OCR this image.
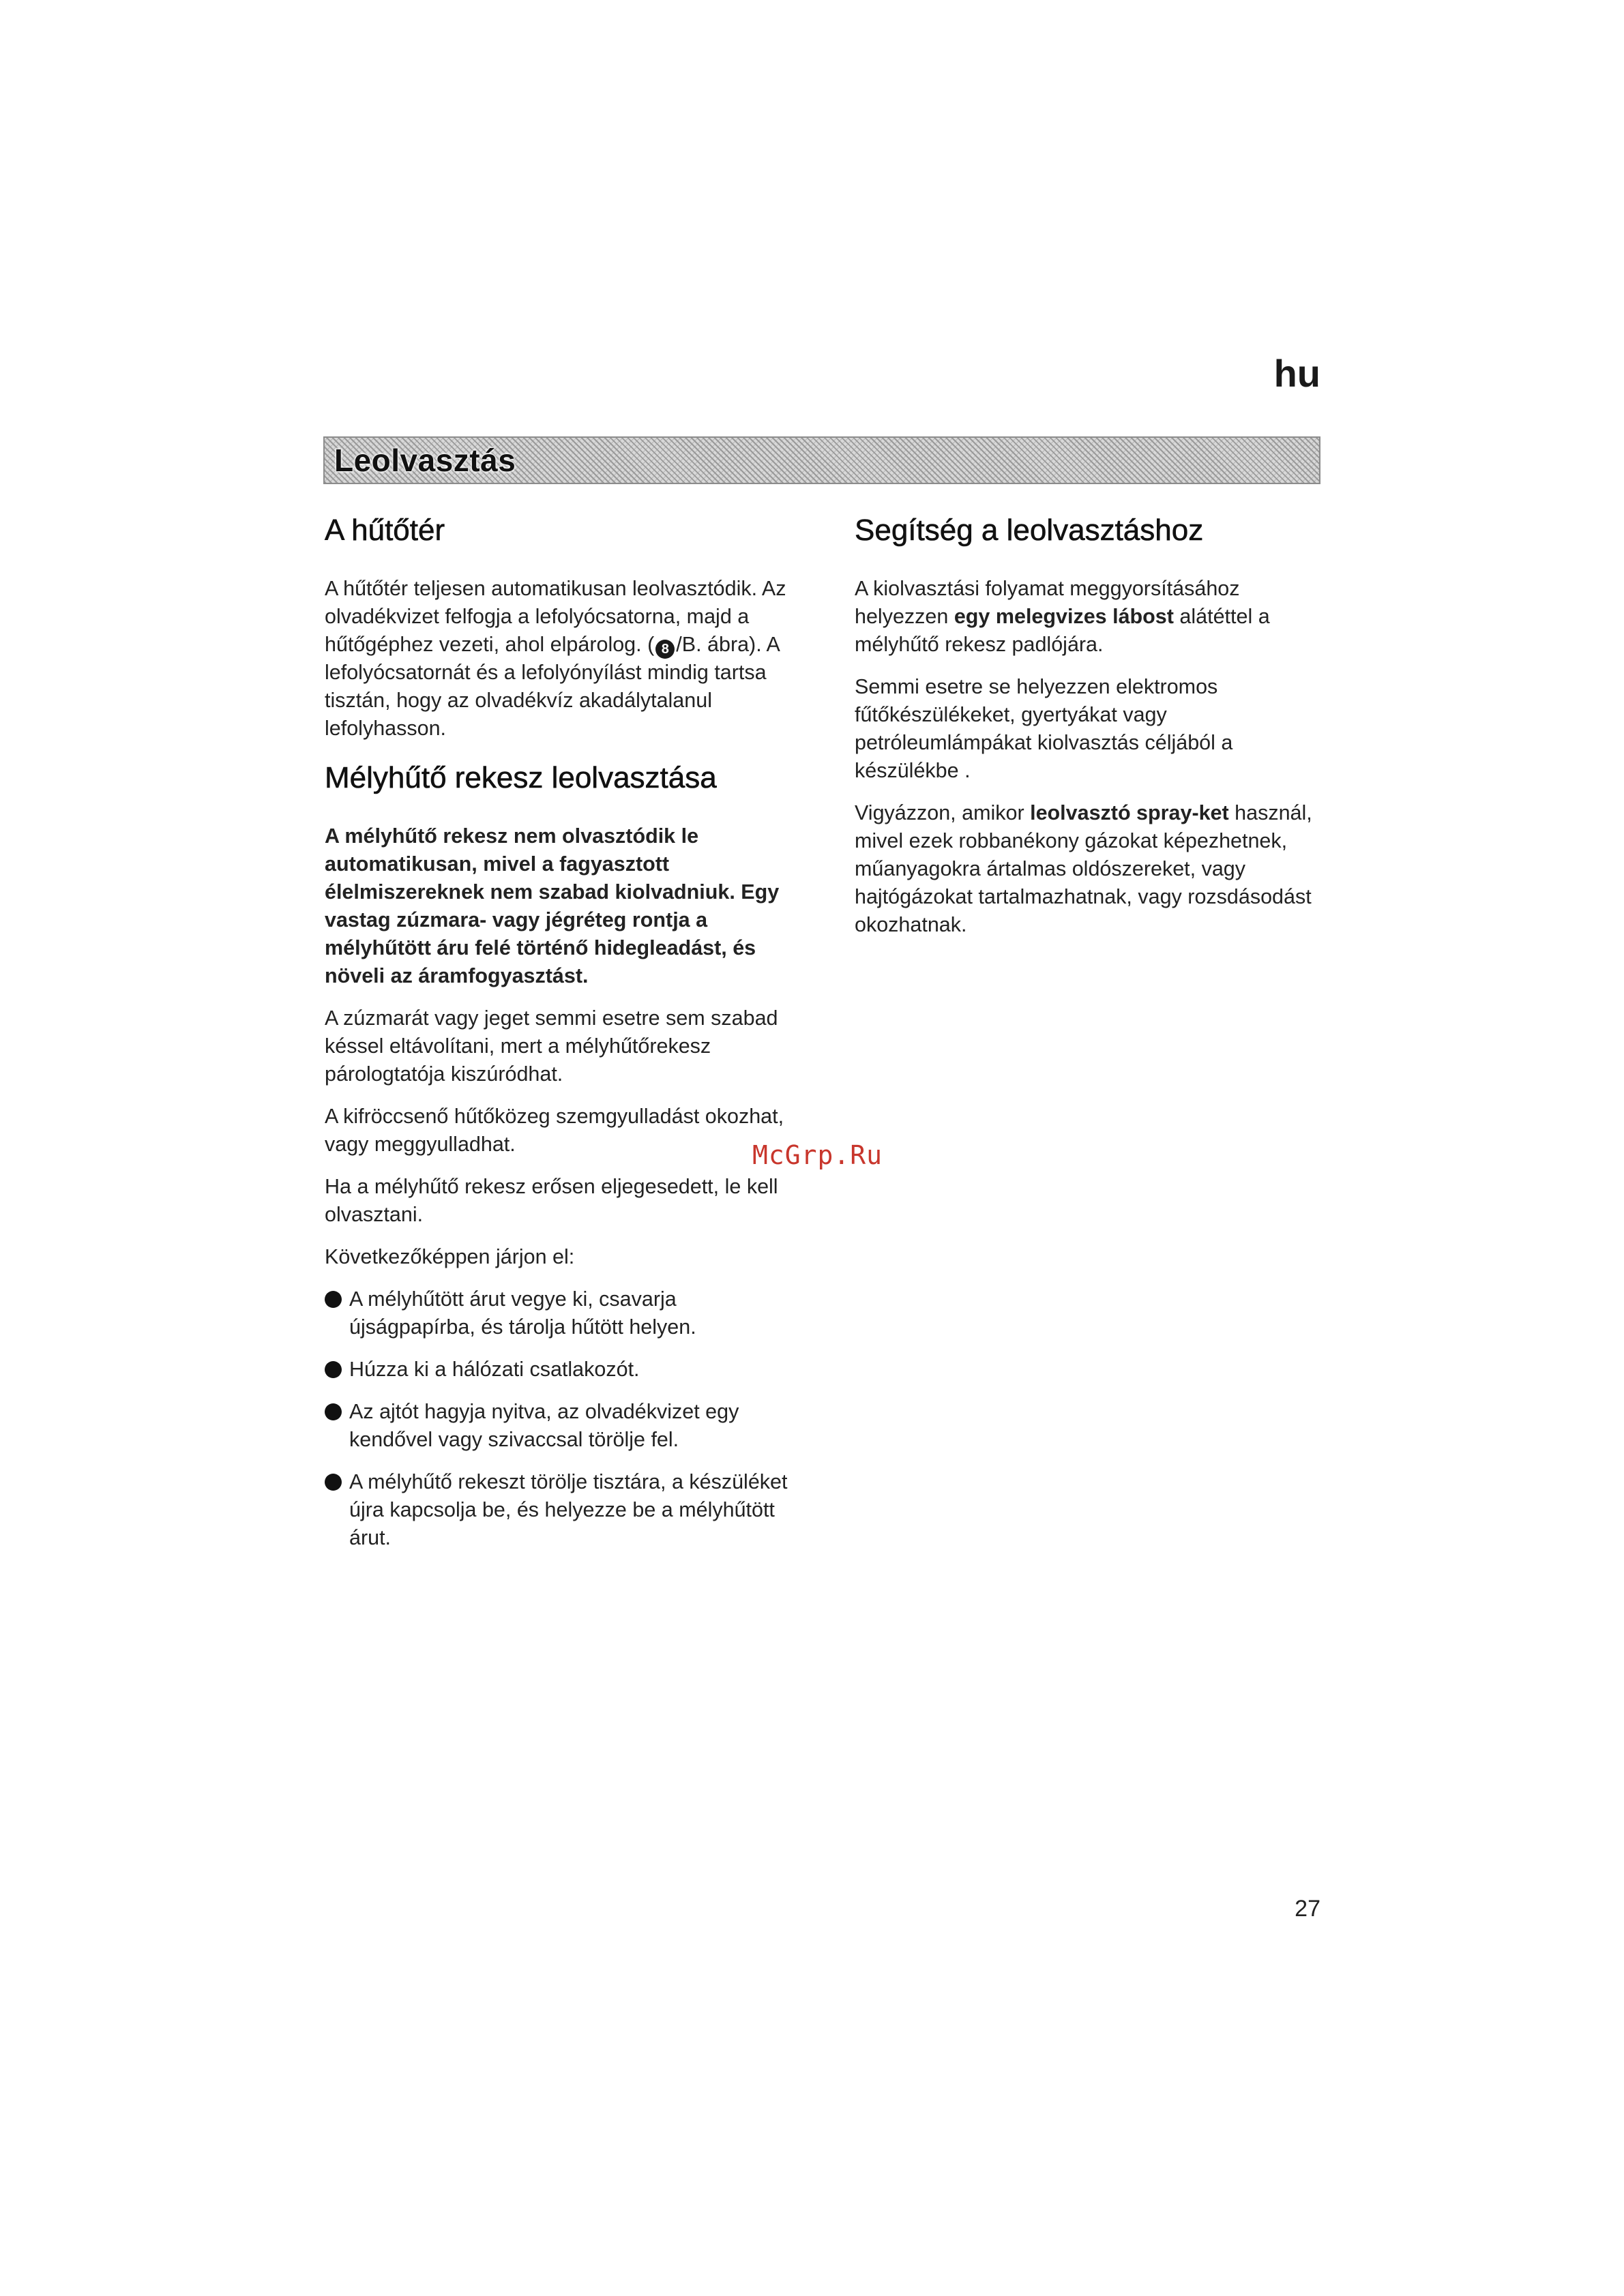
hu
Leolvasztás
A hűtőtér

A hűtőtér teljesen automatikusan leolvasztódik. Az olvadékvizet felfogja a lefolyócsatorna, majd a hűtőgéphez vezeti, ahol elpárolog. ( 8 /B. ábra). A lefolyócsatornát és a lefolyónyílást mindig tartsa tisztán, hogy az olvadékvíz akadálytalanul lefolyhasson.

Mélyhűtő rekesz leolvasztása

A mélyhűtő rekesz nem olvasztódik le automatikusan, mivel a fagyasztott élelmiszereknek nem szabad kiolvadniuk. Egy vastag zúzmara- vagy jégréteg rontja a mélyhűtött áru felé történő hidegleadást, és növeli az áramfogyasztást.

A zúzmarát vagy jeget semmi esetre sem szabad késsel eltávolítani, mert a mélyhűtőrekesz párologtatója kiszúródhat.

A kifröccsenő hűtőközeg szemgyulladást okozhat, vagy meggyulladhat.

Ha a mélyhűtő rekesz erősen eljegesedett, le kell olvasztani.

Következőképpen járjon el:

A mélyhűtött árut vegye ki, csavarja újságpapírba, és tárolja hűtött helyen.
Húzza ki a hálózati csatlakozót.
Az ajtót hagyja nyitva, az olvadékvizet egy kendővel vagy szivaccsal törölje fel.
A mélyhűtő rekeszt törölje tisztára, a készüléket újra kapcsolja be, és helyezze be a mélyhűtött árut.
Segítség a leolvasztáshoz

A kiolvasztási folyamat meggyorsításához helyezzen egy melegvizes lábost alátéttel a mélyhűtő rekesz padlójára.

Semmi esetre se helyezzen elektromos fűtőkészülékeket, gyertyákat vagy petróleumlámpákat kiolvasztás céljából a készülékbe .

Vigyázzon, amikor leolvasztó spray-ket használ, mivel ezek robbanékony gázokat képezhetnek, műanyagokra ártalmas oldószereket, vagy hajtógázokat tartalmazhatnak, vagy rozsdásodást okozhatnak.

McGrp.Ru
27
